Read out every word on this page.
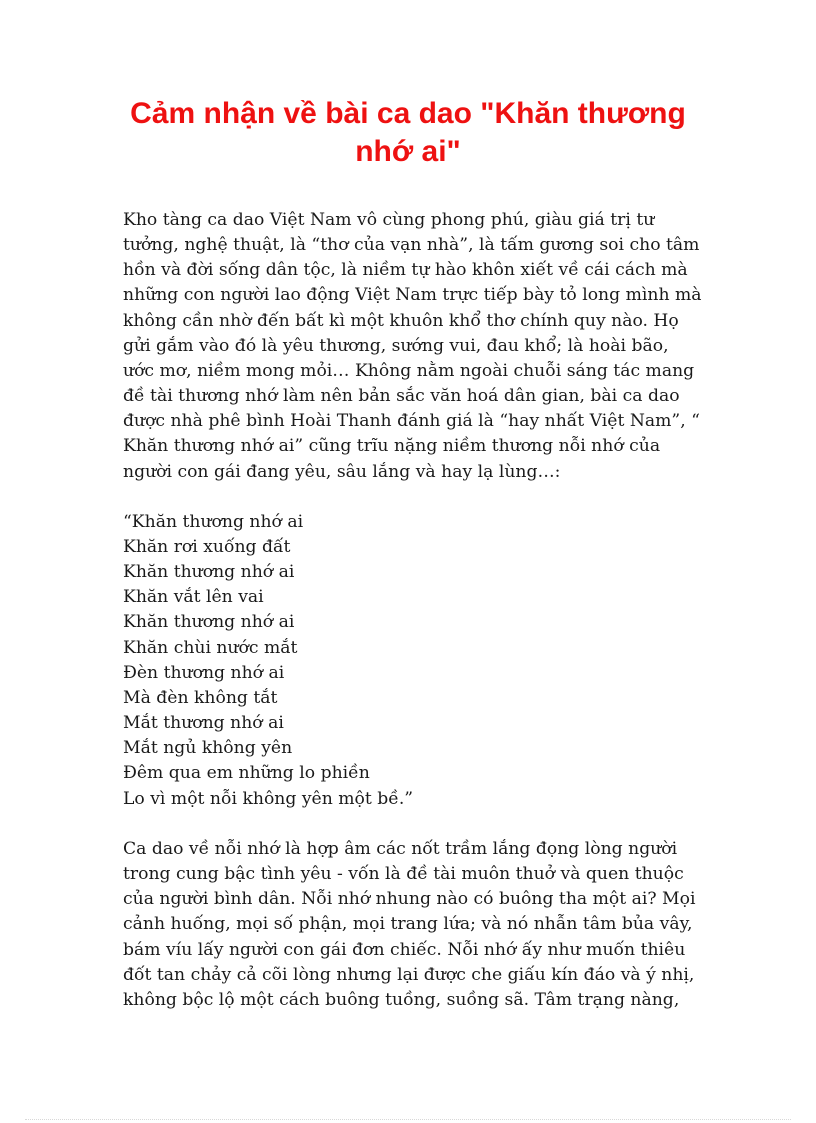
Cảm nhận về bài ca dao "Khăn thương nhớ ai"

Kho tàng ca dao Việt Nam vô cùng phong phú, giàu giá trị tư tưởng, nghệ thuật, là “thơ của vạn nhà”, là tấm gương soi cho tâm hồn và đời sống dân tộc, là niềm tự hào khôn xiết về cái cách mà những con người lao động Việt Nam trực tiếp bày tỏ long mình mà không cần nhờ đến bất kì một khuôn khổ thơ chính quy nào. Họ gửi gắm vào đó là yêu thương, sướng vui, đau khổ; là hoài bão, ước mơ, niềm mong mỏi… Không nằm ngoài chuỗi sáng tác mang đề tài thương nhớ làm nên bản sắc văn hoá dân gian, bài ca dao được nhà phê bình Hoài Thanh đánh giá là “hay nhất Việt Nam”, “ Khăn thương nhớ ai” cũng trĩu nặng niềm thương nỗi nhớ của người con gái đang yêu, sâu lắng và hay lạ lùng…:

“Khăn thương nhớ ai
Khăn rơi xuống đất
Khăn thương nhớ ai
Khăn vắt lên vai
Khăn thương nhớ ai
Khăn chùi nước mắt
Đèn thương nhớ ai
Mà đèn không tắt
Mắt thương nhớ ai
Mắt ngủ không yên
Đêm qua em những lo phiền
Lo vì một nỗi không yên một bề.”

Ca dao về nỗi nhớ là hợp âm các nốt trầm lắng đọng lòng người trong cung bậc tình yêu - vốn là đề tài muôn thuở và quen thuộc của người bình dân. Nỗi nhớ nhung nào có buông tha một ai? Mọi cảnh huống, mọi số phận, mọi trang lứa; và nó nhẫn tâm bủa vây, bám víu lấy người con gái đơn chiếc. Nỗi nhớ ấy như muốn thiêu đốt tan chảy cả cõi lòng nhưng lại được che giấu kín đáo và ý nhị, không bộc lộ một cách buông tuồng, suồng sã. Tâm trạng nàng,
